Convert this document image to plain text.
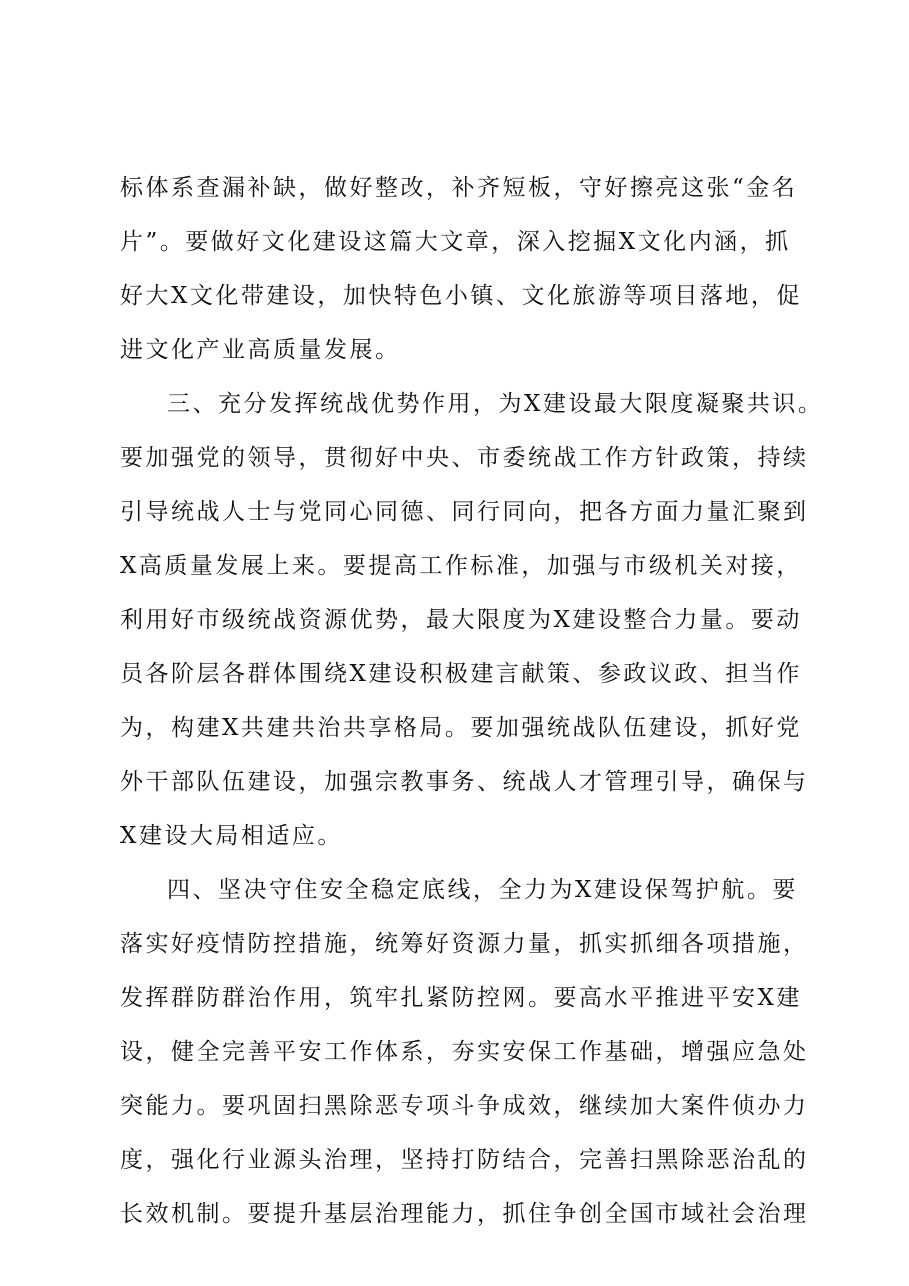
标体系查漏补缺，做好整改，补齐短板，守好擦亮这张“金名
片”。要做好文化建设这篇大文章，深入挖掘X文化内涵，抓
好大X文化带建设，加快特色小镇、文化旅游等项目落地，促
进文化产业高质量发展。
三、充分发挥统战优势作用，为X建设最大限度凝聚共识。
要加强党的领导，贯彻好中央、市委统战工作方针政策，持续
引导统战人士与党同心同德、同行同向，把各方面力量汇聚到
X高质量发展上来。要提高工作标准，加强与市级机关对接，
利用好市级统战资源优势，最大限度为X建设整合力量。要动
员各阶层各群体围绕X建设积极建言献策、参政议政、担当作
为，构建X共建共治共享格局。要加强统战队伍建设，抓好党
外干部队伍建设，加强宗教事务、统战人才管理引导，确保与
X建设大局相适应。
四、坚决守住安全稳定底线，全力为X建设保驾护航。要
落实好疫情防控措施，统筹好资源力量，抓实抓细各项措施，
发挥群防群治作用，筑牢扎紧防控网。要高水平推进平安X建
设，健全完善平安工作体系，夯实安保工作基础，增强应急处
突能力。要巩固扫黑除恶专项斗争成效，继续加大案件侦办力
度，强化行业源头治理，坚持打防结合，完善扫黑除恶治乱的
长效机制。要提升基层治理能力，抓住争创全国市域社会治理
